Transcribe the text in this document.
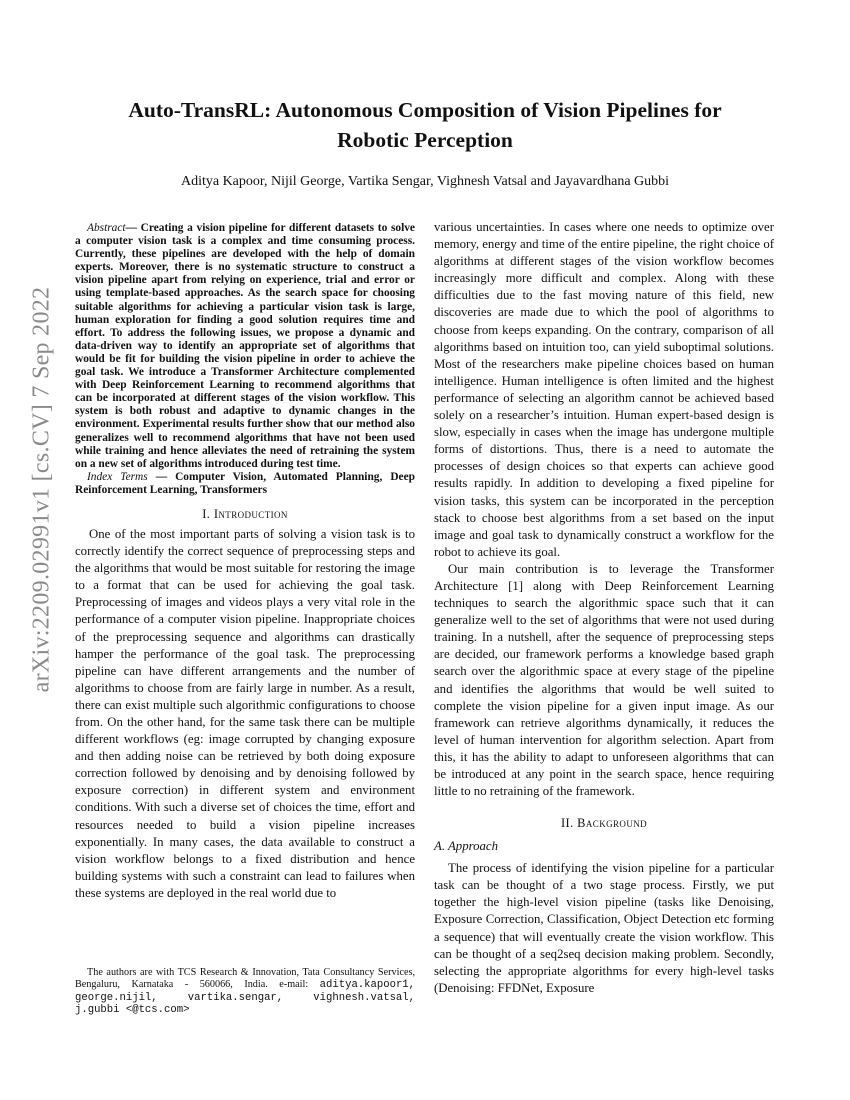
arXiv:2209.02991v1 [cs.CV] 7 Sep 2022
Auto-TransRL: Autonomous Composition of Vision Pipelines for
Robotic Perception

Aditya Kapoor, Nijil George, Vartika Sengar, Vighnesh Vatsal and Jayavardhana Gubbi

Abstract— Creating a vision pipeline for different datasets to solve a computer vision task is a complex and time consuming process. Currently, these pipelines are developed with the help of domain experts. Moreover, there is no systematic structure to construct a vision pipeline apart from relying on experience, trial and error or using template-based approaches. As the search space for choosing suitable algorithms for achieving a particular vision task is large, human exploration for finding a good solution requires time and effort. To address the following issues, we propose a dynamic and data-driven way to identify an appropriate set of algorithms that would be fit for building the vision pipeline in order to achieve the goal task. We introduce a Transformer Architecture complemented with Deep Reinforcement Learning to recommend algorithms that can be incorporated at different stages of the vision workflow. This system is both robust and adaptive to dynamic changes in the environment. Experimental results further show that our method also generalizes well to recommend algorithms that have not been used while training and hence alleviates the need of retraining the system on a new set of algorithms introduced during test time.

Index Terms — Computer Vision, Automated Planning, Deep Reinforcement Learning, Transformers

I. Introduction

One of the most important parts of solving a vision task is to correctly identify the correct sequence of preprocessing steps and the algorithms that would be most suitable for restoring the image to a format that can be used for achieving the goal task. Preprocessing of images and videos plays a very vital role in the performance of a computer vision pipeline. Inappropriate choices of the preprocessing sequence and algorithms can drastically hamper the performance of the goal task. The preprocessing pipeline can have different arrangements and the number of algorithms to choose from are fairly large in number. As a result, there can exist multiple such algorithmic configurations to choose from. On the other hand, for the same task there can be multiple different workflows (eg: image corrupted by changing exposure and then adding noise can be retrieved by both doing exposure correction followed by denoising and by denoising followed by exposure correction) in different system and environment conditions. With such a diverse set of choices the time, effort and resources needed to build a vision pipeline increases exponentially. In many cases, the data available to construct a vision workflow belongs to a fixed distribution and hence building systems with such a constraint can lead to failures when these systems are deployed in the real world due to

various uncertainties. In cases where one needs to optimize over memory, energy and time of the entire pipeline, the right choice of algorithms at different stages of the vision workflow becomes increasingly more difficult and complex. Along with these difficulties due to the fast moving nature of this field, new discoveries are made due to which the pool of algorithms to choose from keeps expanding. On the contrary, comparison of all algorithms based on intuition too, can yield suboptimal solutions. Most of the researchers make pipeline choices based on human intelligence. Human intelligence is often limited and the highest performance of selecting an algorithm cannot be achieved based solely on a researcher’s intuition. Human expert-based design is slow, especially in cases when the image has undergone multiple forms of distortions. Thus, there is a need to automate the processes of design choices so that experts can achieve good results rapidly. In addition to developing a fixed pipeline for vision tasks, this system can be incorporated in the perception stack to choose best algorithms from a set based on the input image and goal task to dynamically construct a workflow for the robot to achieve its goal.

Our main contribution is to leverage the Transformer Architecture [1] along with Deep Reinforcement Learning techniques to search the algorithmic space such that it can generalize well to the set of algorithms that were not used during training. In a nutshell, after the sequence of preprocessing steps are decided, our framework performs a knowledge based graph search over the algorithmic space at every stage of the pipeline and identifies the algorithms that would be well suited to complete the vision pipeline for a given input image. As our framework can retrieve algorithms dynamically, it reduces the level of human intervention for algorithm selection. Apart from this, it has the ability to adapt to unforeseen algorithms that can be introduced at any point in the search space, hence requiring little to no retraining of the framework.

II. Background
A. Approach

The process of identifying the vision pipeline for a particular task can be thought of a two stage process. Firstly, we put together the high-level vision pipeline (tasks like Denoising, Exposure Correction, Classification, Object Detection etc forming a sequence) that will eventually create the vision workflow. This can be thought of a seq2seq decision making problem. Secondly, selecting the appropriate algorithms for every high-level tasks (Denoising: FFDNet, Exposure

The authors are with TCS Research & Innovation, Tata Consultancy Services, Bengaluru, Karnataka - 560066, India. e-mail: aditya.kapoor1, george.nijil, vartika.sengar, vighnesh.vatsal, j.gubbi <@tcs.com>
